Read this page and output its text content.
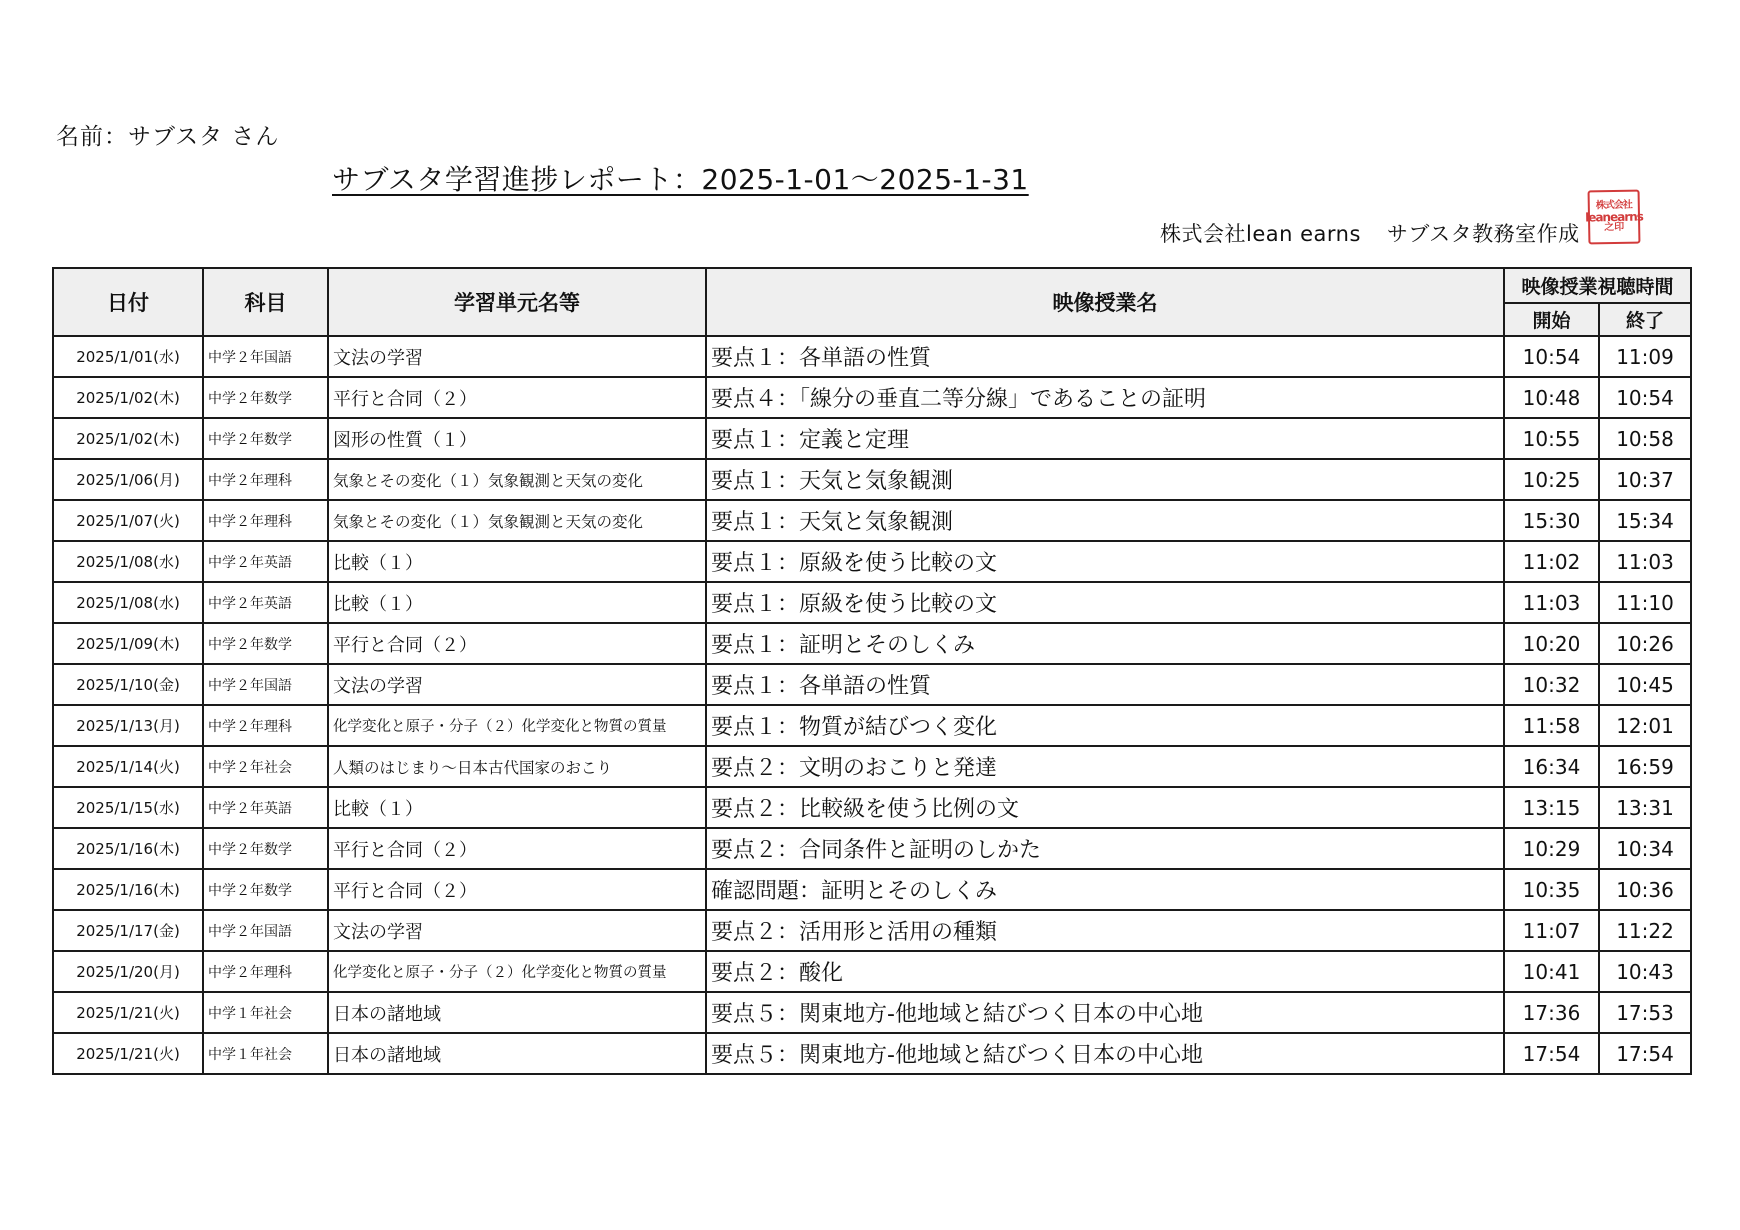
名前：サブスタ さん
サブスタ学習進捗レポート：2025-1-01～2025-1-31
株式会社lean earns サブスタ教務室作成
株式会社
leanearns
之印
日付	科目	学習単元名等	映像授業名	映像授業視聴時間	
				開始	終了
2025/1/01(水)	中学２年国語	文法の学習	要点１：各単語の性質	10:54	11:09
2025/1/02(木)	中学２年数学	平行と合同（２）	要点４：「線分の垂直二等分線」であることの証明	10:48	10:54
2025/1/02(木)	中学２年数学	図形の性質（１）	要点１：定義と定理	10:55	10:58
2025/1/06(月)	中学２年理科	気象とその変化（１）気象観測と天気の変化	要点１：天気と気象観測	10:25	10:37
2025/1/07(火)	中学２年理科	気象とその変化（１）気象観測と天気の変化	要点１：天気と気象観測	15:30	15:34
2025/1/08(水)	中学２年英語	比較（１）	要点１：原級を使う比較の文	11:02	11:03
2025/1/08(水)	中学２年英語	比較（１）	要点１：原級を使う比較の文	11:03	11:10
2025/1/09(木)	中学２年数学	平行と合同（２）	要点１：証明とそのしくみ	10:20	10:26
2025/1/10(金)	中学２年国語	文法の学習	要点１：各単語の性質	10:32	10:45
2025/1/13(月)	中学２年理科	化学変化と原子・分子（２）化学変化と物質の質量	要点１：物質が結びつく変化	11:58	12:01
2025/1/14(火)	中学２年社会	人類のはじまり～日本古代国家のおこり	要点２：文明のおこりと発達	16:34	16:59
2025/1/15(水)	中学２年英語	比較（１）	要点２：比較級を使う比例の文	13:15	13:31
2025/1/16(木)	中学２年数学	平行と合同（２）	要点２：合同条件と証明のしかた	10:29	10:34
2025/1/16(木)	中学２年数学	平行と合同（２）	確認問題：証明とそのしくみ	10:35	10:36
2025/1/17(金)	中学２年国語	文法の学習	要点２：活用形と活用の種類	11:07	11:22
2025/1/20(月)	中学２年理科	化学変化と原子・分子（２）化学変化と物質の質量	要点２：酸化	10:41	10:43
2025/1/21(火)	中学１年社会	日本の諸地域	要点５：関東地方-他地域と結びつく日本の中心地	17:36	17:53
2025/1/21(火)	中学１年社会	日本の諸地域	要点５：関東地方-他地域と結びつく日本の中心地	17:54	17:54
